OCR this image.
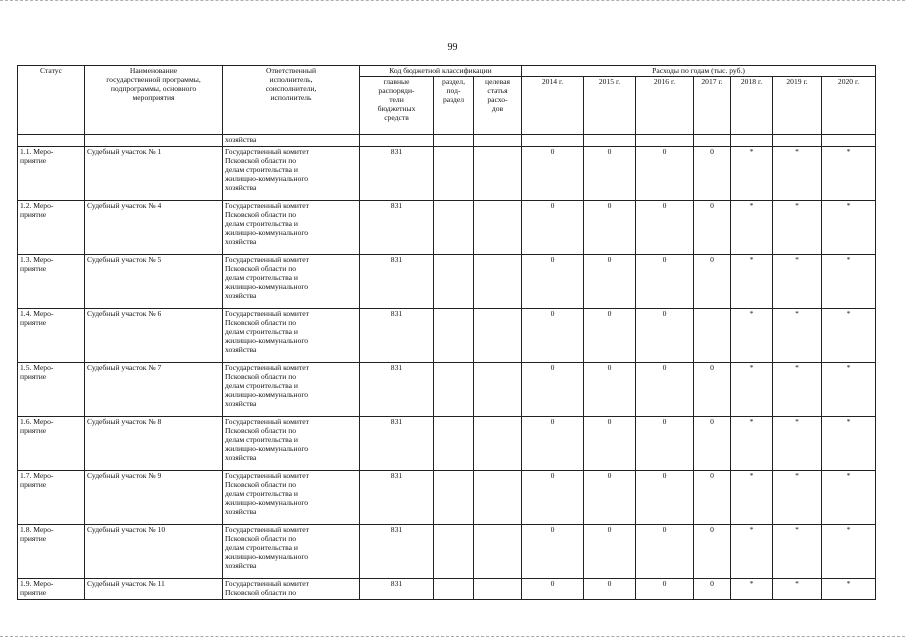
99
Статус	Наименование
государственной программы,
подпрограммы, основного
мероприятия	Ответственный
исполнитель,
соисполнители,
исполнитель	Код бюджетной классификации			Расходы по годам (тыс. руб.)						

			главные
распоряди-
тели
бюджетных
средств	раздел,
под-
раздел	целевая
статья
расхо-
дов	2014 г.	2015 г.	2016 г.	2017 г.	2018 г.	2019 г.	2020 г.
		хозяйства										

1.1. Меро-
приятие	Судебный участок № 1	Государственный комитет
Псковской области по
делам строительства и
жилищно-коммунального
хозяйства	831			0	0	0	0	*	*	*

1.2. Меро-
приятие	Судебный участок № 4	Государственный комитет
Псковской области по
делам строительства и
жилищно-коммунального
хозяйства	831			0	0	0	0	*	*	*

1.3. Меро-
приятие	Судебный участок № 5	Государственный комитет
Псковской области по
делам строительства и
жилищно-коммунального
хозяйства	831			0	0	0	0	*	*	*

1.4. Меро-
приятие	Судебный участок № 6	Государственный комитет
Псковской области по
делам строительства и
жилищно-коммунального
хозяйства	831			0	0	0		*	*	*

1.5. Меро-
приятие	Судебный участок № 7	Государственный комитет
Псковской области по
делам строительства и
жилищно-коммунального
хозяйства	831			0	0	0	0	*	*	*

1.6. Меро-
приятие	Судебный участок № 8	Государственный комитет
Псковской области по
делам строительства и
жилищно-коммунального
хозяйства	831			0	0	0	0	*	*	*

1.7. Меро-
приятие	Судебный участок № 9	Государственный комитет
Псковской области по
делам строительства и
жилищно-коммунального
хозяйства	831			0	0	0	0	*	*	*

1.8. Меро-
приятие	Судебный участок № 10	Государственный комитет
Псковской области по
делам строительства и
жилищно-коммунального
хозяйства	831			0	0	0	0	*	*	*

1.9. Меро-
приятие	Судебный участок № 11	Государственный комитет
Псковской области по	831			0	0	0	0	*	*	*
